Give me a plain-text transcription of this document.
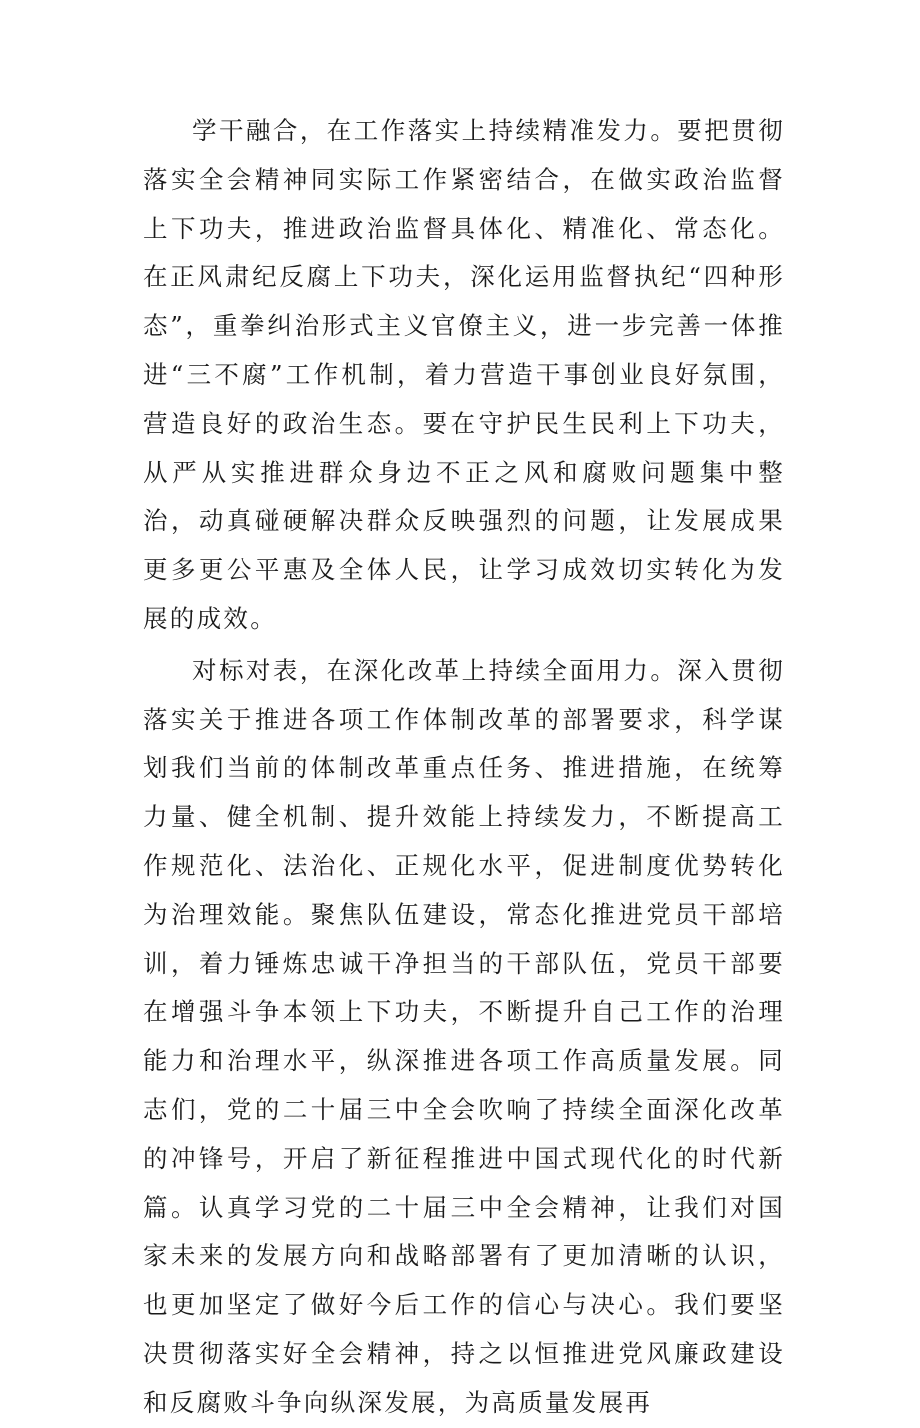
学干融合，在工作落实上持续精准发力。要把贯彻落实全会精神同实际工作紧密结合，在做实政治监督上下功夫，推进政治监督具体化、精准化、常态化。在正风肃纪反腐上下功夫，深化运用监督执纪“四种形态”，重拳纠治形式主义官僚主义，进一步完善一体推进“三不腐”工作机制，着力营造干事创业良好氛围，营造良好的政治生态。要在守护民生民利上下功夫，从严从实推进群众身边不正之风和腐败问题集中整治，动真碰硬解决群众反映强烈的问题，让发展成果更多更公平惠及全体人民，让学习成效切实转化为发展的成效。

对标对表，在深化改革上持续全面用力。深入贯彻落实关于推进各项工作体制改革的部署要求，科学谋划我们当前的体制改革重点任务、推进措施，在统筹力量、健全机制、提升效能上持续发力，不断提高工作规范化、法治化、正规化水平，促进制度优势转化为治理效能。聚焦队伍建设，常态化推进党员干部培训，着力锤炼忠诚干净担当的干部队伍，党员干部要在增强斗争本领上下功夫，不断提升自己工作的治理能力和治理水平，纵深推进各项工作高质量发展。同志们，党的二十届三中全会吹响了持续全面深化改革的冲锋号，开启了新征程推进中国式现代化的时代新篇。认真学习党的二十届三中全会精神，让我们对国家未来的发展方向和战略部署有了更加清晰的认识，也更加坚定了做好今后工作的信心与决心。我们要坚决贯彻落实好全会精神，持之以恒推进党风廉政建设和反腐败斗争向纵深发展，为高质量发展再
